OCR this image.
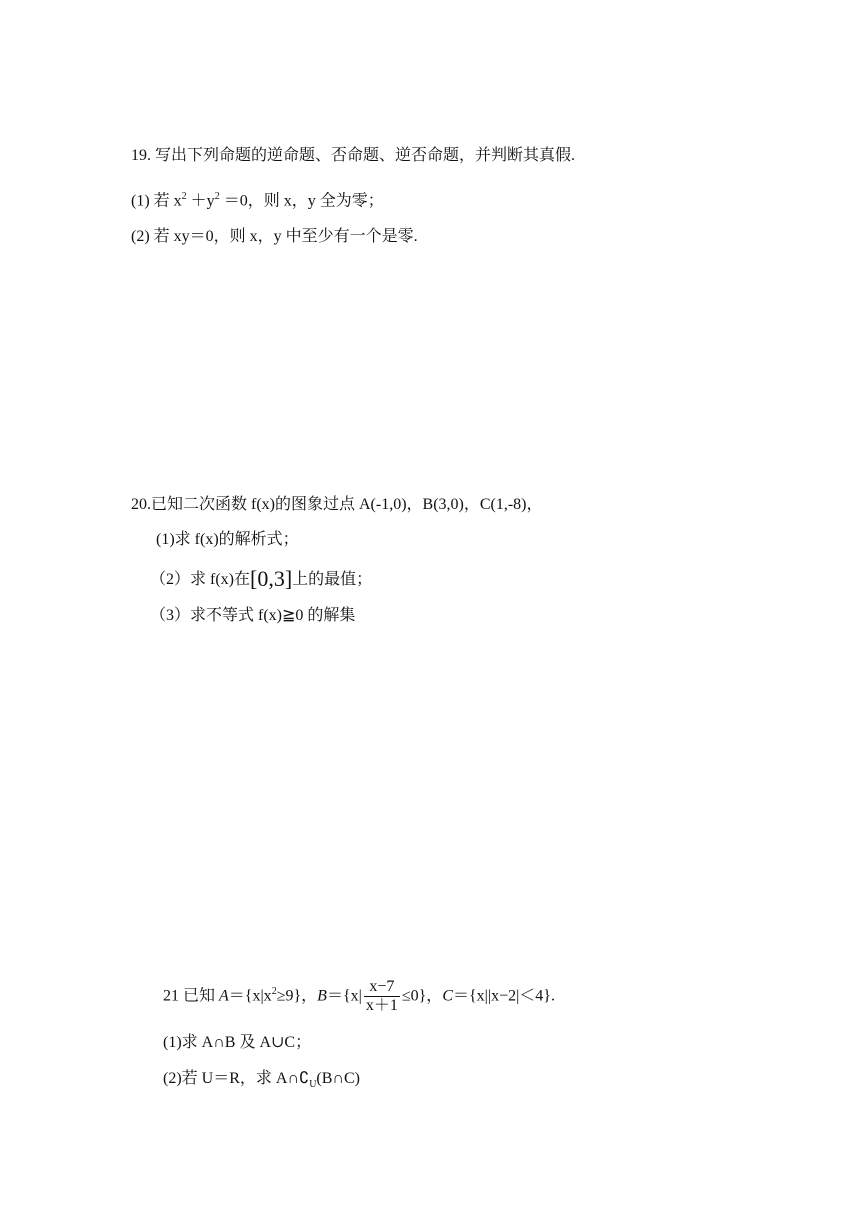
19. 写出下列命题的逆命题、否命题、逆否命题，并判断其真假.
(1) 若 $x^2 +y^2 =0$，则 x，y 全为零；
(2) 若 xy＝0，则 x，y 中至少有一个是零.
20.已知二次函数 f(x)的图象过点 A(-1,0)，B(3,0)，C(1,-8)，
(1)求 f(x)的解析式；
（2）求 f(x)在[0,3]上的最值；
（3）求不等式 f(x)≧0 的解集
21 已知 $A=\{x|x^2\ge 9\}$，$B=\{x| \frac{x-7}{x+1} \le 0\}$，C＝{x||x−2|＜4}.
(1)求 A∩B 及 A∪C；
(2)若 U＝R，求 $A\cap∁_U(B\cap C)$
